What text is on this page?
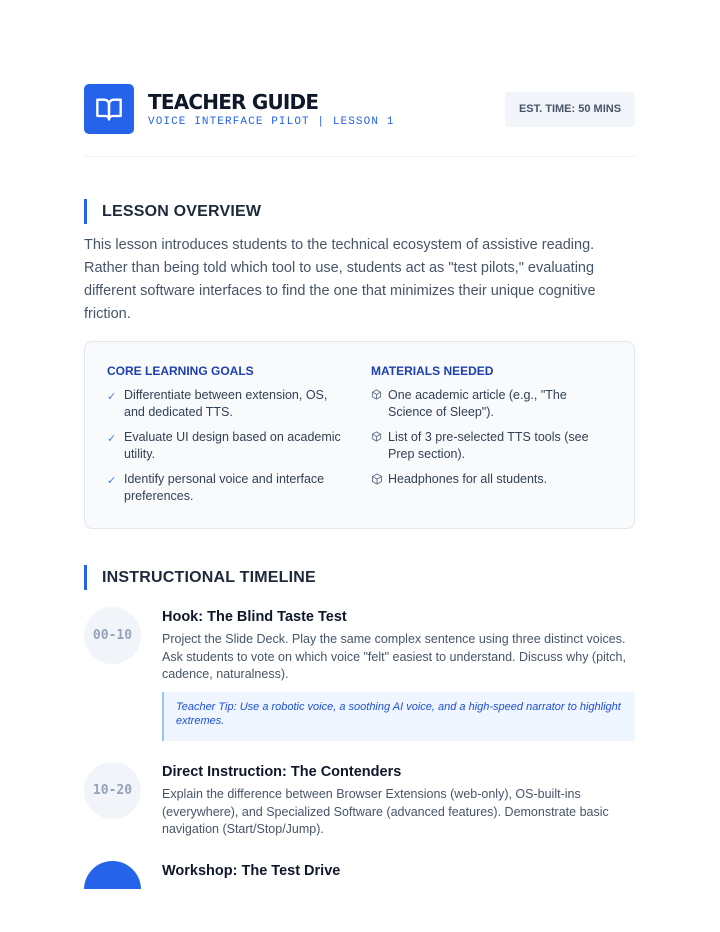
TEACHER GUIDE
VOICE INTERFACE PILOT | LESSON 1
EST. TIME: 50 MINS
LESSON OVERVIEW

This lesson introduces students to the technical ecosystem of assistive reading. Rather than being told which tool to use, students act as "test pilots," evaluating different software interfaces to find the one that minimizes their unique cognitive friction.

CORE LEARNING GOALS
✓ Differentiate between extension, OS, and dedicated TTS.
✓ Evaluate UI design based on academic utility.
✓ Identify personal voice and interface preferences.
MATERIALS NEEDED
One academic article (e.g., "The Science of Sleep").
List of 3 pre-selected TTS tools (see Prep section).
Headphones for all students.
INSTRUCTIONAL TIMELINE
00-10
Hook: The Blind Taste Test
Project the Slide Deck. Play the same complex sentence using three distinct voices. Ask students to vote on which voice "felt" easiest to understand. Discuss why (pitch, cadence, naturalness).
Teacher Tip: Use a robotic voice, a soothing AI voice, and a high-speed narrator to highlight extremes.
10-20
Direct Instruction: The Contenders
Explain the difference between Browser Extensions (web-only), OS-built-ins (everywhere), and Specialized Software (advanced features). Demonstrate basic navigation (Start/Stop/Jump).
Workshop: The Test Drive
